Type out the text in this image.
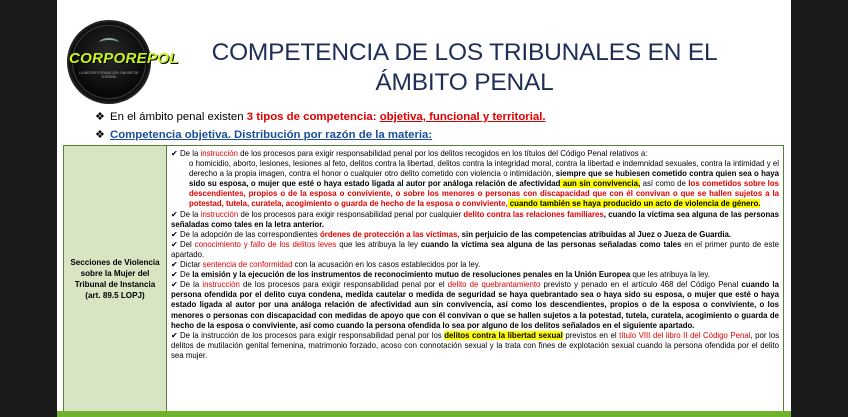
CORPOREPOL
LA MEJOR FORMACIÓN ONLINE DE ESPAÑA
COMPETENCIA DE LOS TRIBUNALES EN EL
ÁMBITO PENAL
❖ En el ámbito penal existen 3 tipos de competencia: objetiva, funcional y territorial.
❖ Competencia objetiva. Distribución por razón de la materia:
Secciones de Violencia sobre la Mujer del Tribunal de Instancia (art. 89.5 LOPJ)

✔ De la instrucción de los procesos para exigir responsabilidad penal por los delitos recogidos en los títulos del Código Penal relativos a:

o homicidio, aborto, lesiones, lesiones al feto, delitos contra la libertad, delitos contra la integridad moral, contra la libertad e indemnidad sexuales, contra la intimidad y el derecho a la propia imagen, contra el honor o cualquier otro delito cometido con violencia o intimidación, siempre que se hubiesen cometido contra quien sea o haya sido su esposa, o mujer que esté o haya estado ligada al autor por análoga relación de afectividad aun sin convivencia, así como de los cometidos sobre los descendientes, propios o de la esposa o conviviente, o sobre los menores o personas con discapacidad que con él convivan o que se hallen sujetos a la potestad, tutela, curatela, acogimiento o guarda de hecho de la esposa o conviviente, cuando también se haya producido un acto de violencia de género.

✔ De la instrucción de los procesos para exigir responsabilidad penal por cualquier delito contra las relaciones familiares, cuando la víctima sea alguna de las personas señaladas como tales en la letra anterior.

✔ De la adopción de las correspondientes órdenes de protección a las víctimas, sin perjuicio de las competencias atribuidas al Juez o Jueza de Guardia.

✔ Del conocimiento y fallo de los delitos leves que les atribuya la ley cuando la víctima sea alguna de las personas señaladas como tales en el primer punto de este apartado.

✔ Dictar sentencia de conformidad con la acusación en los casos establecidos por la ley.

✔ De la emisión y la ejecución de los instrumentos de reconocimiento mutuo de resoluciones penales en la Unión Europea que les atribuya la ley.

✔ De la instrucción de los procesos para exigir responsabilidad penal por el delito de quebrantamiento previsto y penado en el artículo 468 del Código Penal cuando la persona ofendida por el delito cuya condena, medida cautelar o medida de seguridad se haya quebrantado sea o haya sido su esposa, o mujer que esté o haya estado ligada al autor por una análoga relación de afectividad aun sin convivencia, así como los descendientes, propios o de la esposa o conviviente, o los menores o personas con discapacidad con medidas de apoyo que con él convivan o que se hallen sujetos a la potestad, tutela, curatela, acogimiento o guarda de hecho de la esposa o conviviente, así como cuando la persona ofendida lo sea por alguno de los delitos señalados en el siguiente apartado.

✔ De la instrucción de los procesos para exigir responsabilidad penal por los delitos contra la libertad sexual previstos en el título VIII del libro II del Código Penal, por los delitos de mutilación genital femenina, matrimonio forzado, acoso con connotación sexual y la trata con fines de explotación sexual cuando la persona ofendida por el delito sea mujer.
